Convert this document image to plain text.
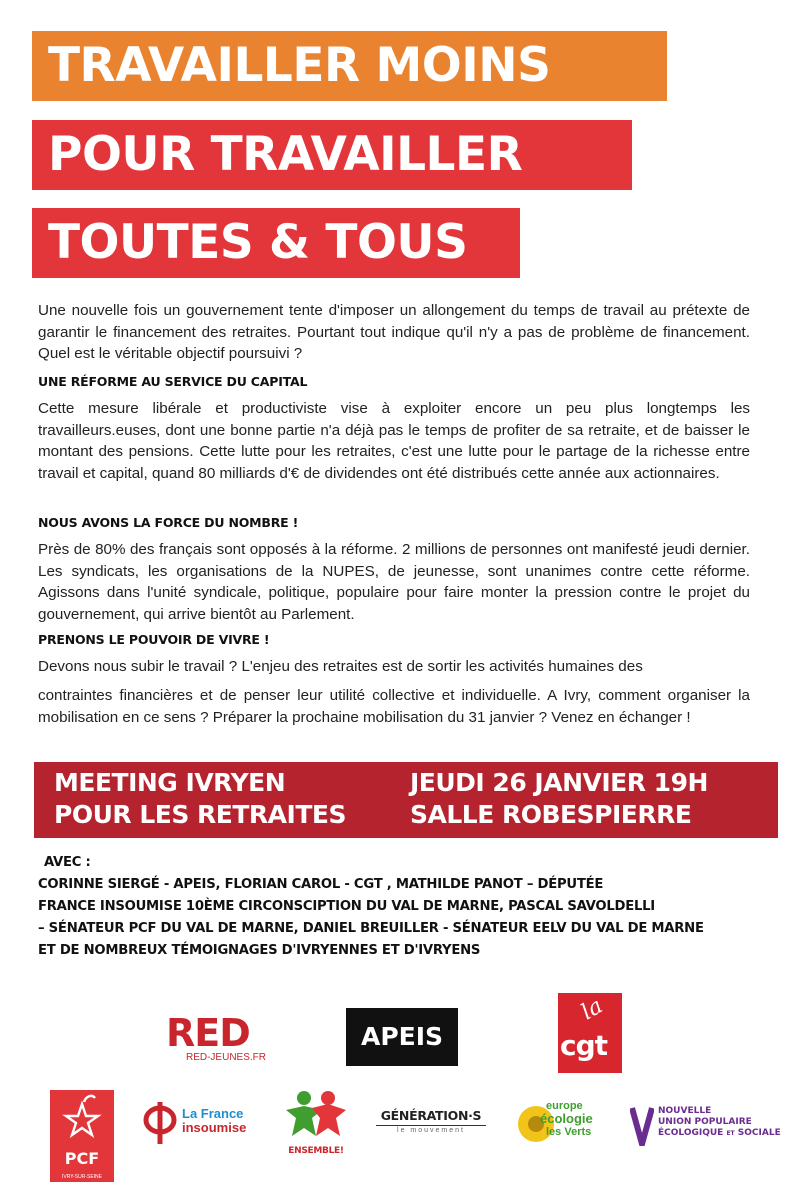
TRAVAILLER MOINS
POUR TRAVAILLER
TOUTES & TOUS

Une nouvelle fois un gouvernement tente d'imposer un allongement du temps de travail au prétexte de garantir le financement des retraites. Pourtant tout indique qu'il n'y a pas de problème de financement. Quel est le véritable objectif poursuivi ?

UNE RÉFORME AU SERVICE DU CAPITAL

Cette mesure libérale et productiviste vise à exploiter encore un peu plus longtemps les travailleurs.euses, dont une bonne partie n'a déjà pas le temps de profiter de sa retraite, et de baisser le montant des pensions. Cette lutte pour les retraites, c'est une lutte pour le partage de la richesse entre travail et capital, quand 80 milliards d'€ de dividendes ont été distribués cette année aux actionnaires.

NOUS AVONS LA FORCE DU NOMBRE !

Près de 80% des français sont opposés à la réforme. 2 millions de personnes ont manifesté jeudi dernier. Les syndicats, les organisations de la NUPES, de jeunesse, sont unanimes contre cette réforme. Agissons dans l'unité syndicale, politique, populaire pour faire monter la pression contre le projet du gouvernement, qui arrive bientôt au Parlement.

PRENONS LE POUVOIR DE VIVRE !

Devons nous subir le travail ? L'enjeu des retraites est de sortir les activités humaines des

contraintes financières et de penser leur utilité collective et individuelle. A Ivry, comment organiser la mobilisation en ce sens ? Préparer la prochaine mobilisation du 31 janvier ? Venez en échanger !

MEETING IVRYEN
POUR LES RETRAITES
JEUDI 26 JANVIER 19H
SALLE ROBESPIERRE
AVEC :
CORINNE SIERGÉ - APEIS, FLORIAN CAROL - CGT , MATHILDE PANOT – DÉPUTÉE
FRANCE INSOUMISE 10ÈME CIRCONSCIPTION DU VAL DE MARNE, PASCAL SAVOLDELLI
– SÉNATEUR PCF DU VAL DE MARNE, DANIEL BREUILLER - SÉNATEUR EELV DU VAL DE MARNE
ET DE NOMBREUX TÉMOIGNAGES D'IVRYENNES ET D'IVRYENS
RED
RED-JEUNES.FR
APEIS
la
cgt
PCF
IVRY-SUR-SEINE
La France
insoumise
ENSEMBLE!
GÉNÉRATION·S
le mouvement
europe
écologie
les Verts
NOUVELLE
UNION POPULAIRE
ÉCOLOGIQUE ET SOCIALE
